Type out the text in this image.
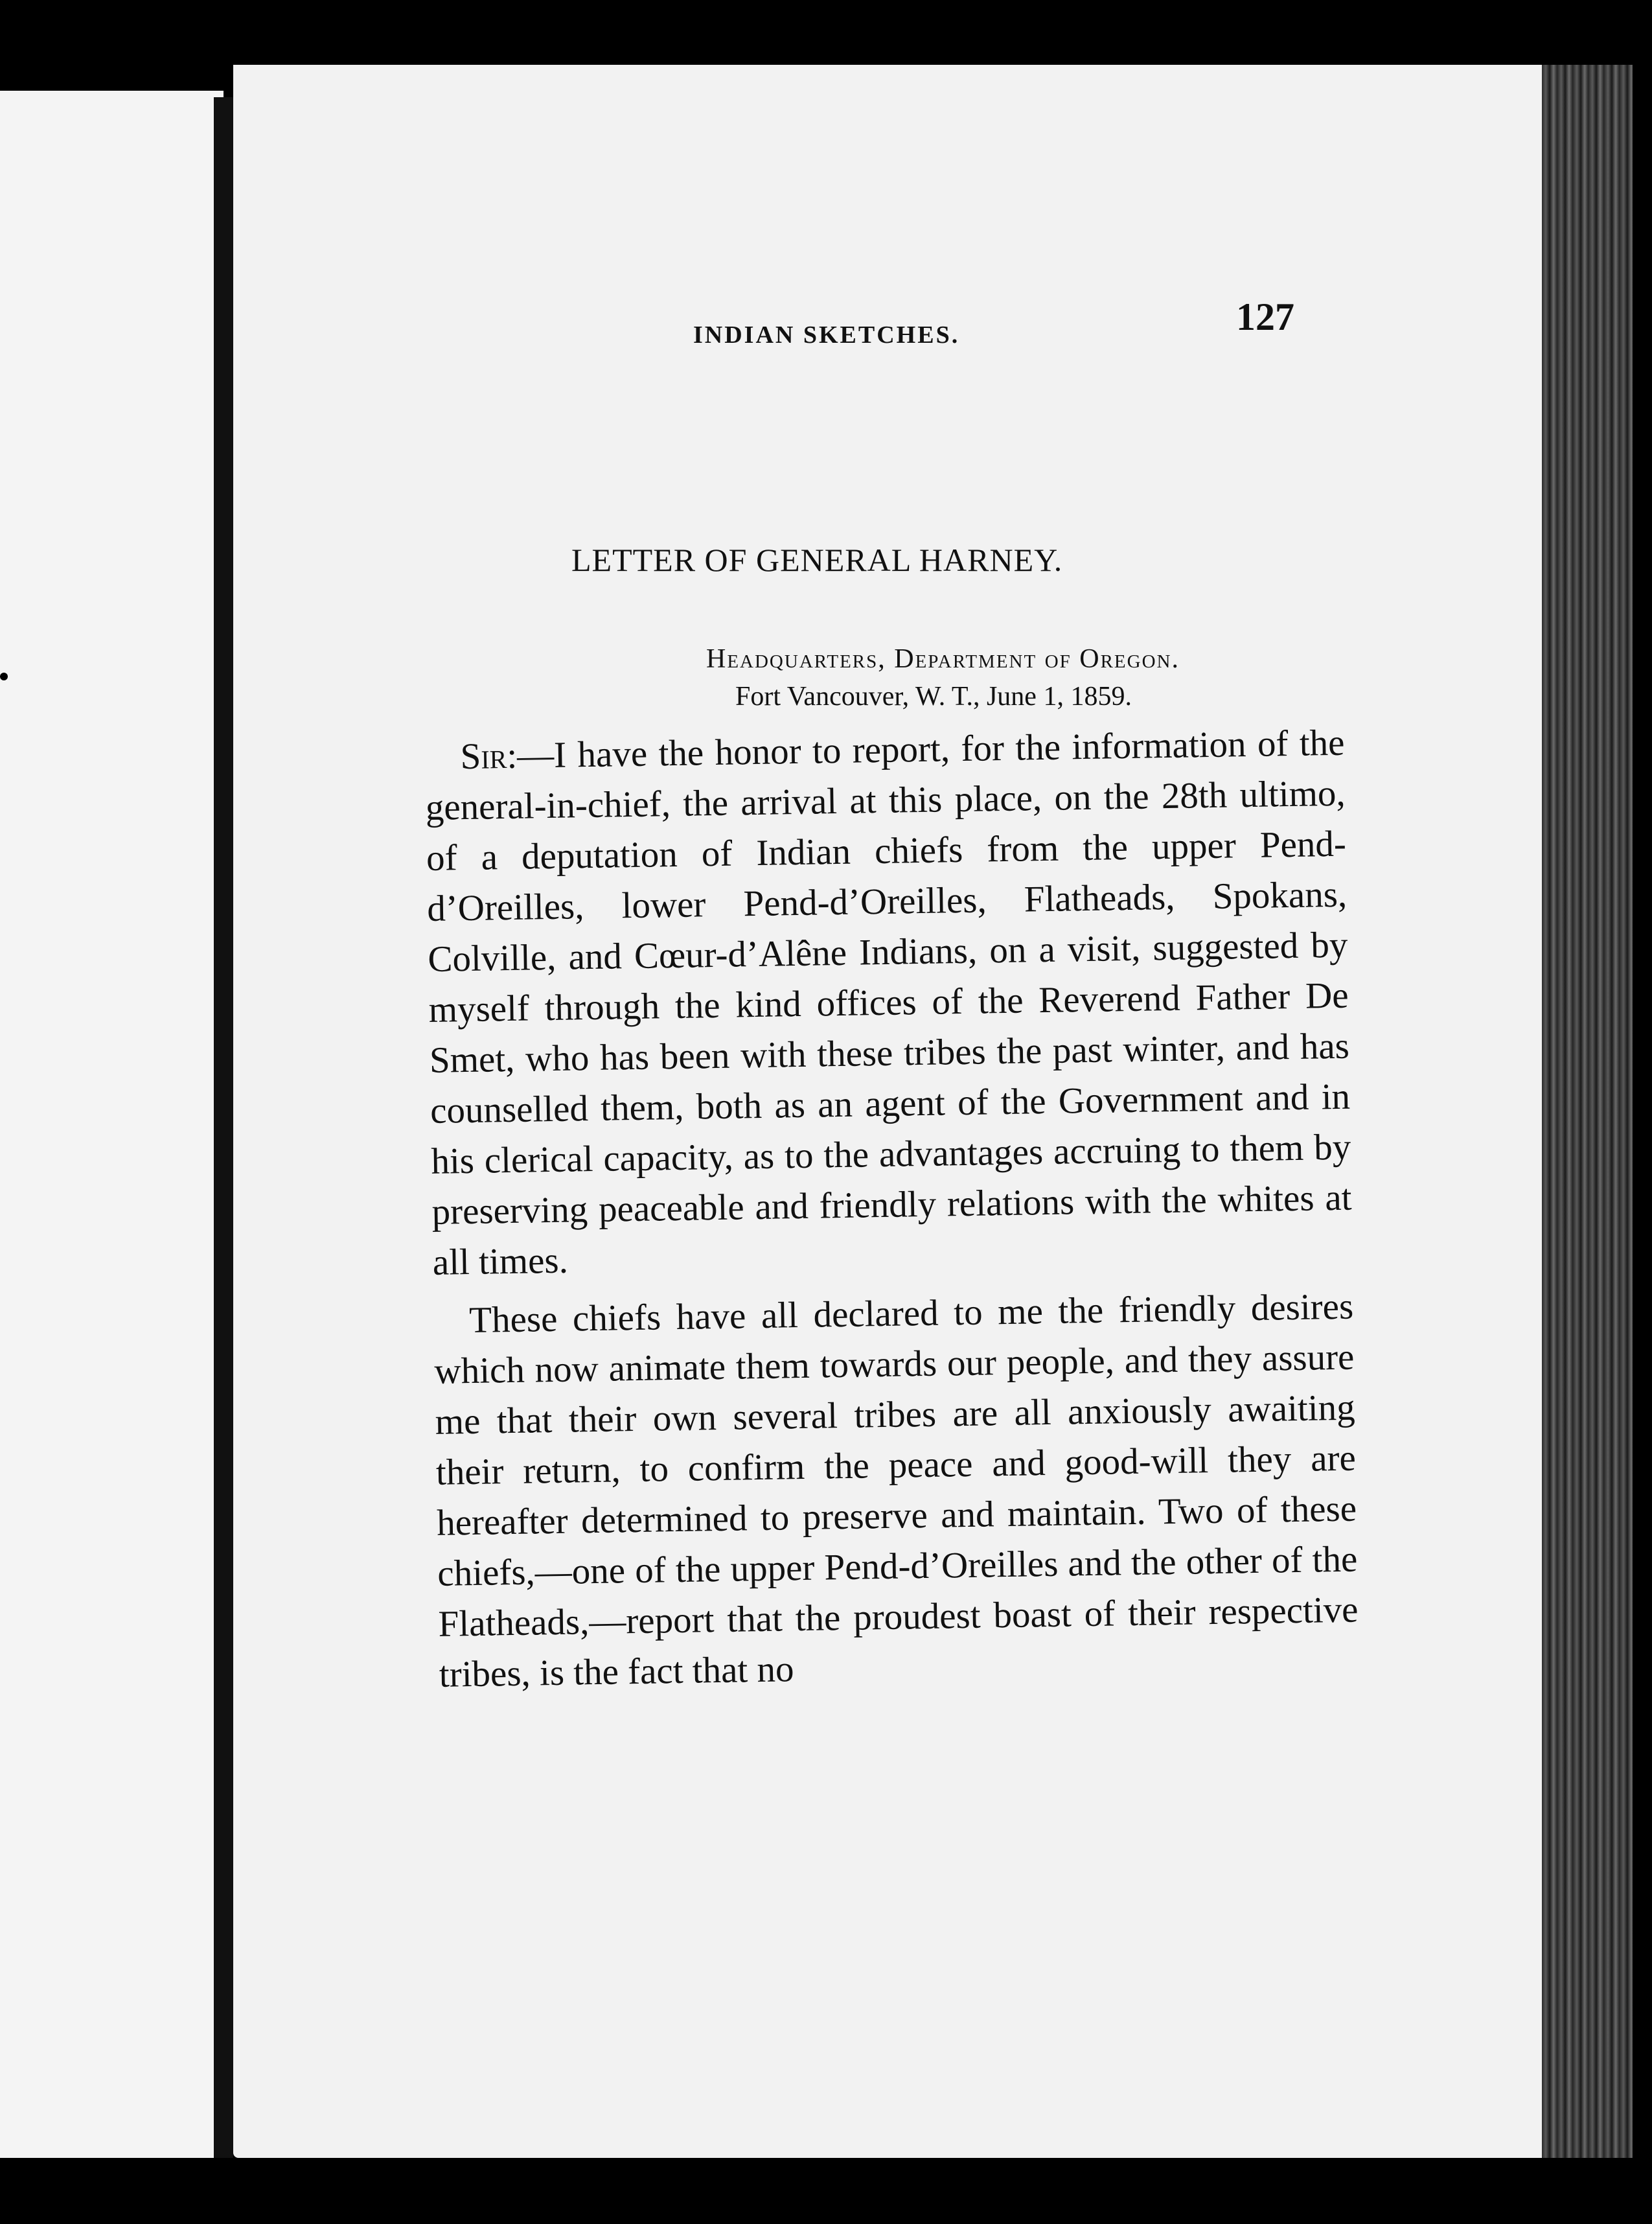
INDIAN SKETCHES.	127
LETTER OF GENERAL HARNEY.
Headquarters, Department of Oregon.
Fort Vancouver, W. T., June 1, 1859.

Sir:—I have the honor to report, for the information of the general-in-chief, the arrival at this place, on the 28th ultimo, of a deputation of Indian chiefs from the upper Pend-d’Oreilles, lower Pend-d’Oreilles, Flatheads, Spokans, Colville, and Cœur-d’Alêne Indians, on a visit, suggested by myself through the kind offices of the Reverend Father De Smet, who has been with these tribes the past winter, and has counselled them, both as an agent of the Government and in his clerical capacity, as to the advantages accruing to them by preserving peaceable and friendly relations with the whites at all times.

These chiefs have all declared to me the friendly desires which now animate them towards our people, and they assure me that their own several tribes are all anxiously awaiting their return, to confirm the peace and good-will they are hereafter determined to preserve and maintain. Two of these chiefs,—one of the upper Pend-d’Oreilles and the other of the Flatheads,—report that the proudest boast of their respective tribes, is the fact that no
